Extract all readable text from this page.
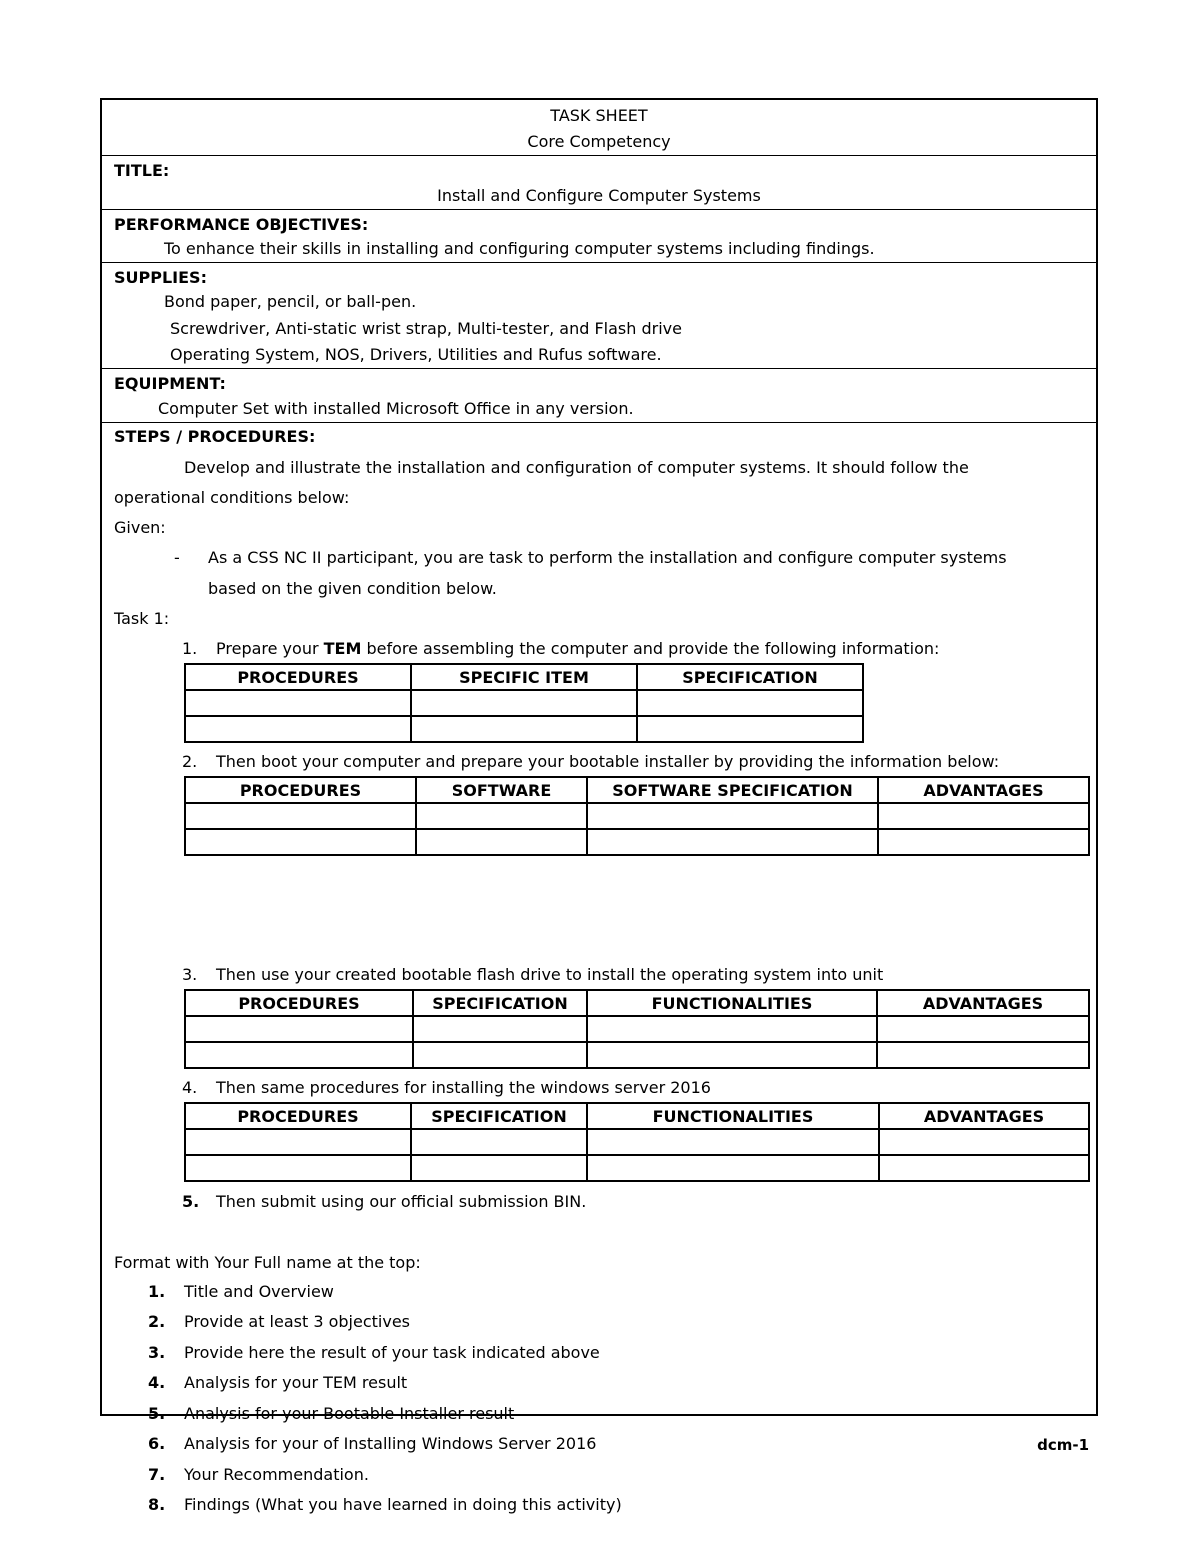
TASK SHEET
Core Competency
TITLE:
Install and Configure Computer Systems
PERFORMANCE OBJECTIVES:
To enhance their skills in installing and configuring computer systems including findings.
SUPPLIES:
Bond paper, pencil, or ball-pen.
Screwdriver, Anti-static wrist strap, Multi-tester, and Flash drive
Operating System, NOS, Drivers, Utilities and Rufus software.
EQUIPMENT:
Computer Set with installed Microsoft Office in any version.
STEPS / PROCEDURES:
Develop and illustrate the installation and configuration of computer systems. It should follow the
operational conditions below:
Given:
- As a CSS NC II participant, you are task to perform the installation and configure computer systems
based on the given condition below.
Task 1:
1. Prepare your TEM before assembling the computer and provide the following information:
PROCEDURES	SPECIFIC ITEM	SPECIFICATION

2. Then boot your computer and prepare your bootable installer by providing the information below:
PROCEDURES	SOFTWARE	SOFTWARE SPECIFICATION	ADVANTAGES

3. Then use your created bootable flash drive to install the operating system into unit
PROCEDURES	SPECIFICATION	FUNCTIONALITIES	ADVANTAGES

4. Then same procedures for installing the windows server 2016
PROCEDURES	SPECIFICATION	FUNCTIONALITIES	ADVANTAGES

5. Then submit using our official submission BIN.
Format with Your Full name at the top:
1. Title and Overview
2. Provide at least 3 objectives
3. Provide here the result of your task indicated above
4. Analysis for your TEM result
5. Analysis for your Bootable Installer result
6. Analysis for your of Installing Windows Server 2016
7. Your Recommendation.
8. Findings (What you have learned in doing this activity)
dcm-1
